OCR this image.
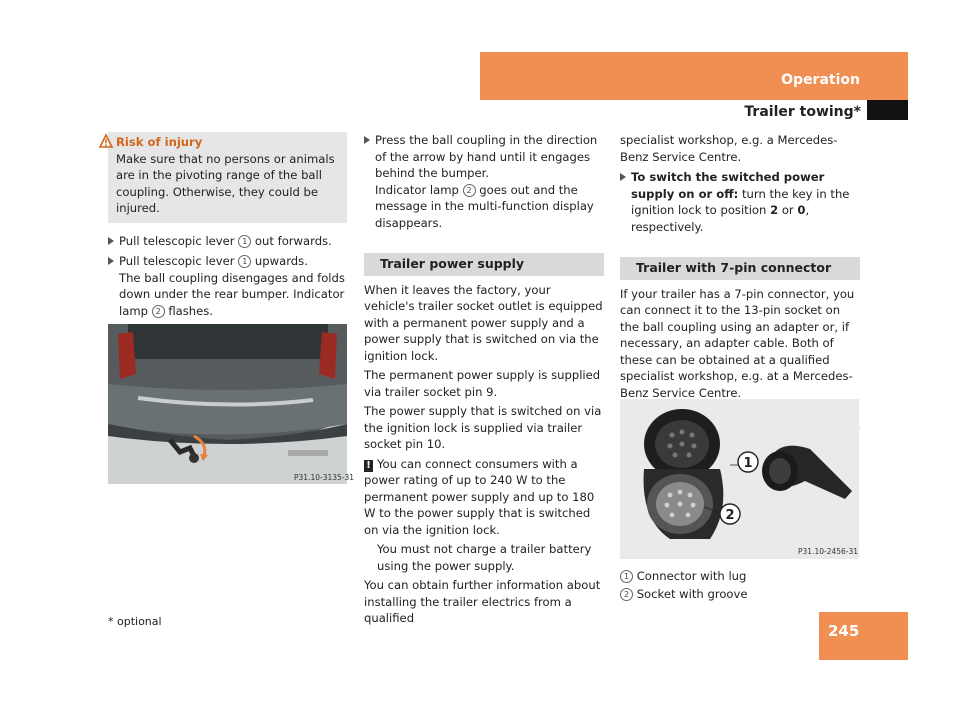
Operation
Trailer towing*

Risk of injury

Make sure that no persons or animals are in the pivoting range of the ball coupling. Otherwise, they could be injured.

Pull telescopic lever 1 out forwards.

Pull telescopic lever 1 upwards.
The ball coupling disengages and folds down under the rear bumper. Indicator lamp 2 flashes.

P31.10-3135-31

Press the ball coupling in the direction of the arrow by hand until it engages behind the bumper.
Indicator lamp 2 goes out and the message in the multi-function display disappears.

Trailer power supply

When it leaves the factory, your vehicle's trailer socket outlet is equipped with a permanent power supply and a power supply that is switched on via the ignition lock.

The permanent power supply is supplied via trailer socket pin 9.

The power supply that is switched on via the ignition lock is supplied via trailer socket pin 10.

! You can connect consumers with a power rating of up to 240 W to the permanent power supply and up to 180 W to the power supply that is switched on via the ignition lock.

You must not charge a trailer battery using the power supply.

You can obtain further information about installing the trailer electrics from a qualified

specialist workshop, e.g. a Mercedes-Benz Service Centre.

To switch the switched power supply on or off: turn the key in the ignition lock to position 2 or 0, respectively.

Trailer with 7-pin connector

If your trailer has a 7-pin connector, you can connect it to the 13-pin socket on the ball coupling using an adapter or, if necessary, an adapter cable. Both of these can be obtained at a qualified specialist workshop, e.g. at a Mercedes-Benz Service Centre.

1
2
P31.10-2456-31
1 Connector with lug
2 Socket with groove
* optional
245
